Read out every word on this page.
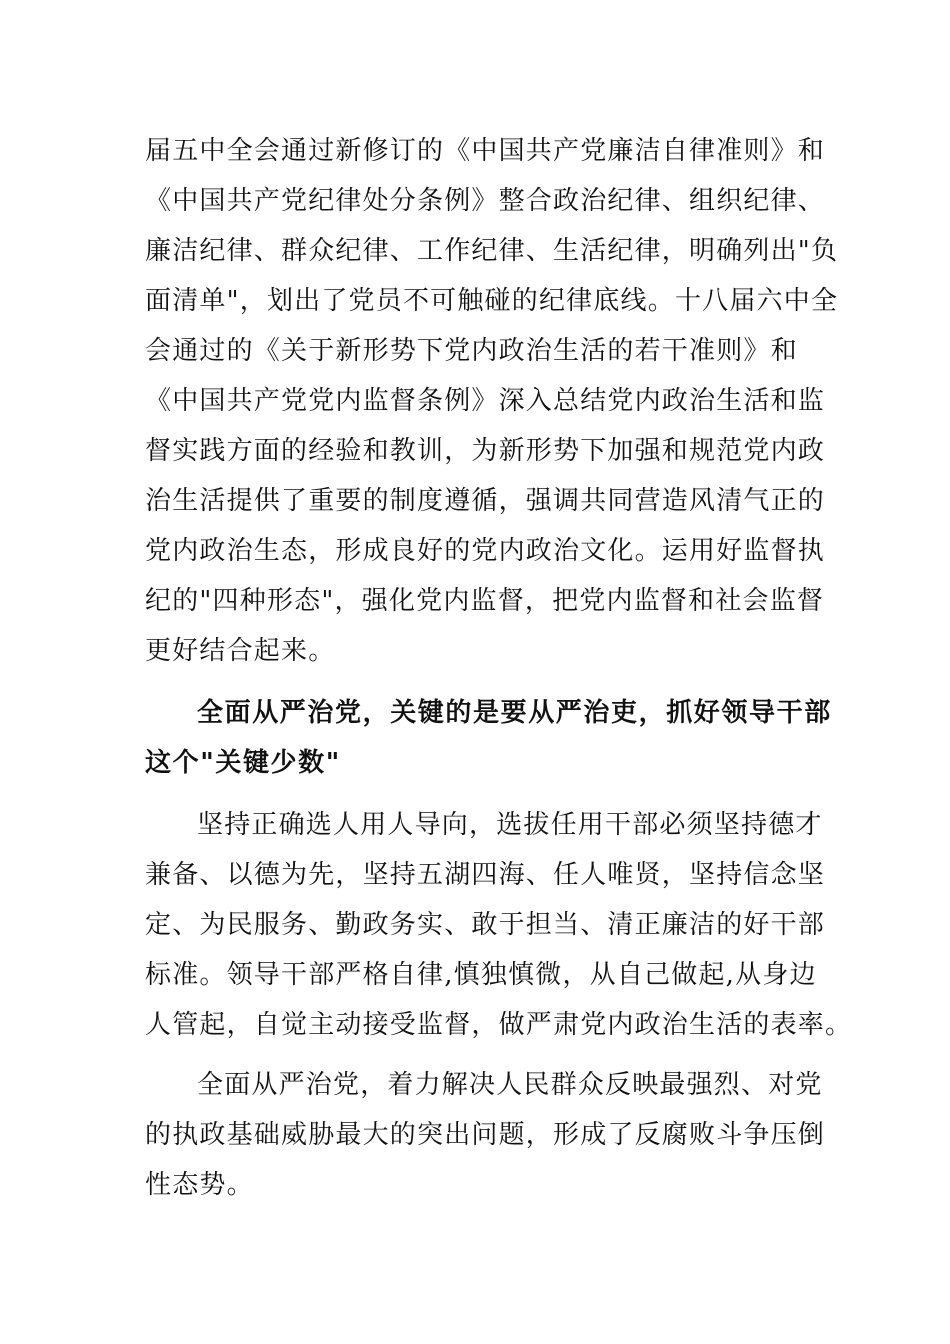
届五中全会通过新修订的《中国共产党廉洁自律准则》和
《中国共产党纪律处分条例》整合政治纪律、组织纪律、
廉洁纪律、群众纪律、工作纪律、生活纪律，明确列出"负
面清单"，划出了党员不可触碰的纪律底线。十八届六中全
会通过的《关于新形势下党内政治生活的若干准则》和
《中国共产党党内监督条例》深入总结党内政治生活和监
督实践方面的经验和教训，为新形势下加强和规范党内政
治生活提供了重要的制度遵循，强调共同营造风清气正的
党内政治生态，形成良好的党内政治文化。运用好监督执
纪的"四种形态"，强化党内监督，把党内监督和社会监督
更好结合起来。
全面从严治党，关键的是要从严治吏，抓好领导干部
这个"关键少数"
坚持正确选人用人导向，选拔任用干部必须坚持德才
兼备、以德为先，坚持五湖四海、任人唯贤，坚持信念坚
定、为民服务、勤政务实、敢于担当、清正廉洁的好干部
标准。领导干部严格自律,慎独慎微，从自己做起,从身边
人管起，自觉主动接受监督，做严肃党内政治生活的表率。
全面从严治党，着力解决人民群众反映最强烈、对党
的执政基础威胁最大的突出问题，形成了反腐败斗争压倒
性态势。
